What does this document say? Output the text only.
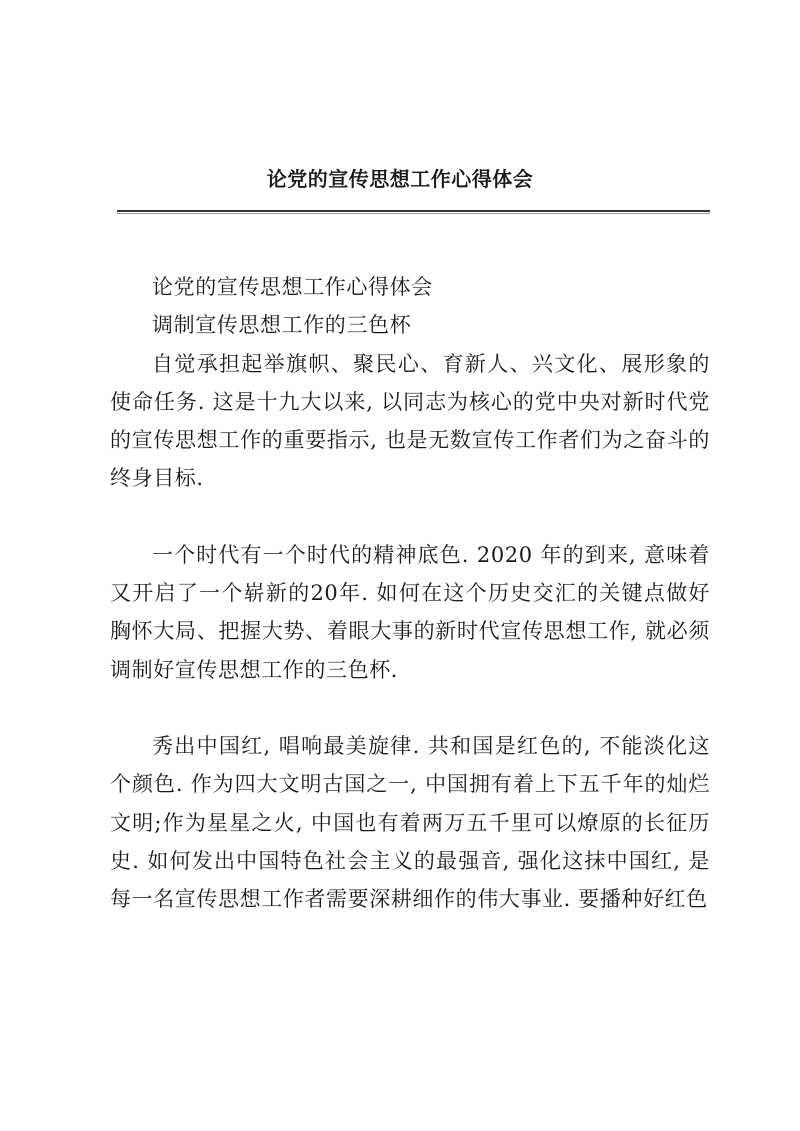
论党的宣传思想工作心得体会

论党的宣传思想工作心得体会

调制宣传思想工作的三色杯

自觉承担起举旗帜、聚民心、育新人、兴文化、展形象的使命任务. 这是十九大以来, 以同志为核心的党中央对新时代党的宣传思想工作的重要指示, 也是无数宣传工作者们为之奋斗的终身目标.

一个时代有一个时代的精神底色. 2020 年的到来, 意味着又开启了一个崭新的20年. 如何在这个历史交汇的关键点做好胸怀大局、把握大势、着眼大事的新时代宣传思想工作, 就必须调制好宣传思想工作的三色杯.

秀出中国红, 唱响最美旋律. 共和国是红色的, 不能淡化这个颜色. 作为四大文明古国之一, 中国拥有着上下五千年的灿烂文明;作为星星之火, 中国也有着两万五千里可以燎原的长征历史. 如何发出中国特色社会主义的最强音, 强化这抹中国红, 是每一名宣传思想工作者需要深耕细作的伟大事业. 要播种好红色
